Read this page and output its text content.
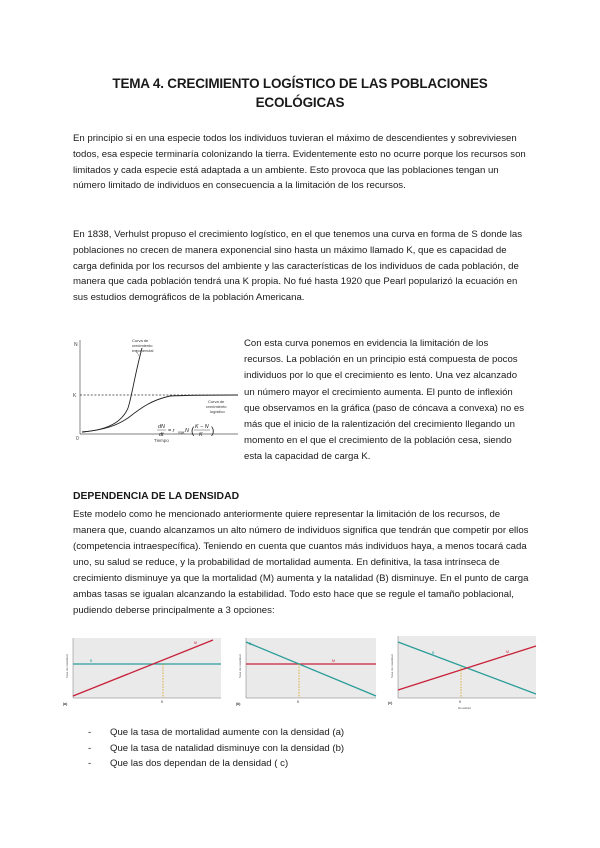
TEMA 4. CRECIMIENTO LOGÍSTICO DE LAS POBLACIONES
ECOLÓGICAS

En principio si en una especie todos los individuos tuvieran el máximo de descendientes y sobreviviesen todos, esa especie terminaría colonizando la tierra. Evidentemente esto no ocurre porque los recursos son limitados y cada especie está adaptada a un ambiente. Esto provoca que las poblaciones tengan un número limitado de individuos en consecuencia a la limitación de los recursos.

En 1838, Verhulst propuso el crecimiento logístico, en el que tenemos una curva en forma de S donde las poblaciones no crecen de manera exponencial sino hasta un máximo llamado K, que es capacidad de carga definida por los recursos del ambiente y las características de los individuos de cada población, de manera que cada población tendrá una K propia. No fué hasta 1920 que Pearl popularizó la ecuación en sus estudios demográficos de la población Americana.

N
K
0	Tiempo
Curva de
crecimiento
exponencial
Curva de
crecimiento
logístico
dN
dt
= r máx N ( K − N
K )

Con esta curva ponemos en evidencia la limitación de los recursos. La población en un principio está compuesta de pocos individuos por lo que el crecimiento es lento. Una vez alcanzado un número mayor el crecimiento aumenta. El punto de inflexión que observamos en la gráfica (paso de cóncava a convexa) no es más que el inicio de la ralentización del crecimiento llegando un momento en el que el crecimiento de la población cesa, siendo esta la capacidad de carga K.

DEPENDENCIA DE LA DENSIDAD

Este modelo como he mencionado anteriormente quiere representar la limitación de los recursos, de manera que, cuando alcanzamos un alto número de individuos significa que tendrán que competir por ellos (competencia intraespecífica). Teniendo en cuenta que cuantos más individuos haya, a menos tocará cada uno, su salud se reduce, y la probabilidad de mortalidad aumenta. En definitiva, la tasa intrínseca de crecimiento disminuye ya que la mortalidad (M) aumenta y la natalidad (B) disminuye. En el punto de carga ambas tasas se igualan alcanzando la estabilidad. Todo esto hace que se regule el tamaño poblacional, pudiendo deberse principalmente a 3 opciones:

Tasa de natalidad	B
M
K
(a)
Tasa de natalidad
B
M
K
(b)
Tasa de natalidad
B	M
K
Densidad
(c)
- Que la tasa de mortalidad aumente con la densidad (a)
- Que la tasa de natalidad disminuye con la densidad (b)
- Que las dos dependan de la densidad ( c)
